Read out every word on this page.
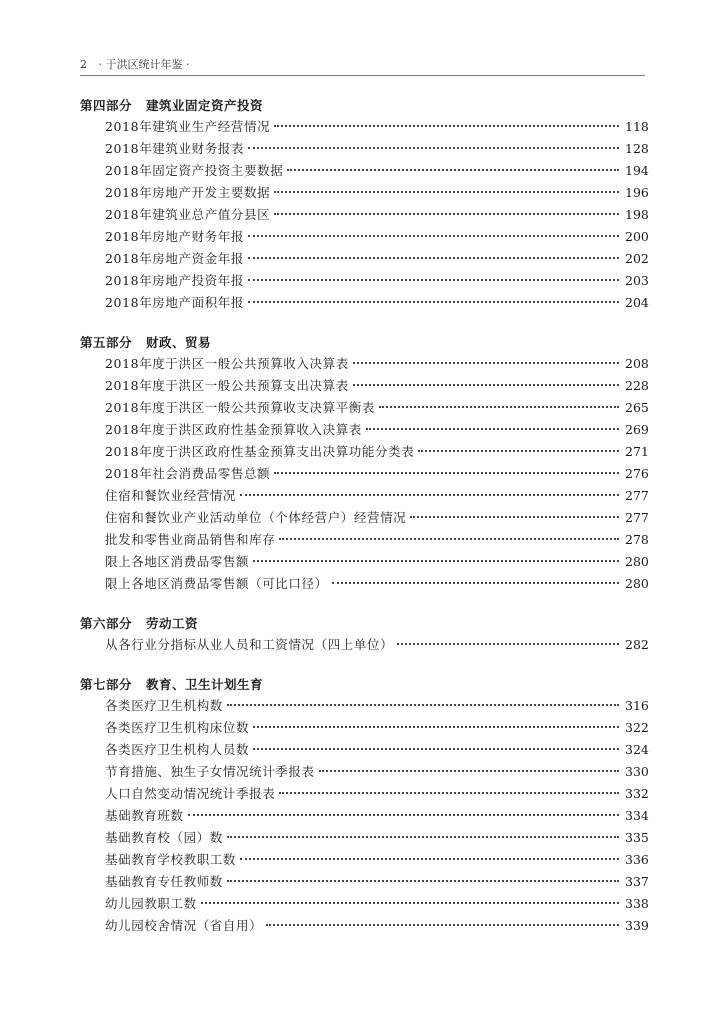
2 · 于洪区统计年鉴 ·
第四部分 建筑业固定资产投资
2018年建筑业生产经营情况	118
2018年建筑业财务报表	128
2018年固定资产投资主要数据	194
2018年房地产开发主要数据	196
2018年建筑业总产值分县区	198
2018年房地产财务年报	200
2018年房地产资金年报	202
2018年房地产投资年报	203
2018年房地产面积年报	204
第五部分 财政、贸易
2018年度于洪区一般公共预算收入决算表	208
2018年度于洪区一般公共预算支出决算表	228
2018年度于洪区一般公共预算收支决算平衡表	265
2018年度于洪区政府性基金预算收入决算表	269
2018年度于洪区政府性基金预算支出决算功能分类表	271
2018年社会消费品零售总额	276
住宿和餐饮业经营情况	277
住宿和餐饮业产业活动单位（个体经营户）经营情况	277
批发和零售业商品销售和库存	278
限上各地区消费品零售额	280
限上各地区消费品零售额（可比口径）	280
第六部分 劳动工资
从各行业分指标从业人员和工资情况（四上单位）	282
第七部分 教育、卫生计划生育
各类医疗卫生机构数	316
各类医疗卫生机构床位数	322
各类医疗卫生机构人员数	324
节育措施、独生子女情况统计季报表	330
人口自然变动情况统计季报表	332
基础教育班数	334
基础教育校（园）数	335
基础教育学校教职工数	336
基础教育专任教师数	337
幼儿园教职工数	338
幼儿园校舍情况（省自用）	339
